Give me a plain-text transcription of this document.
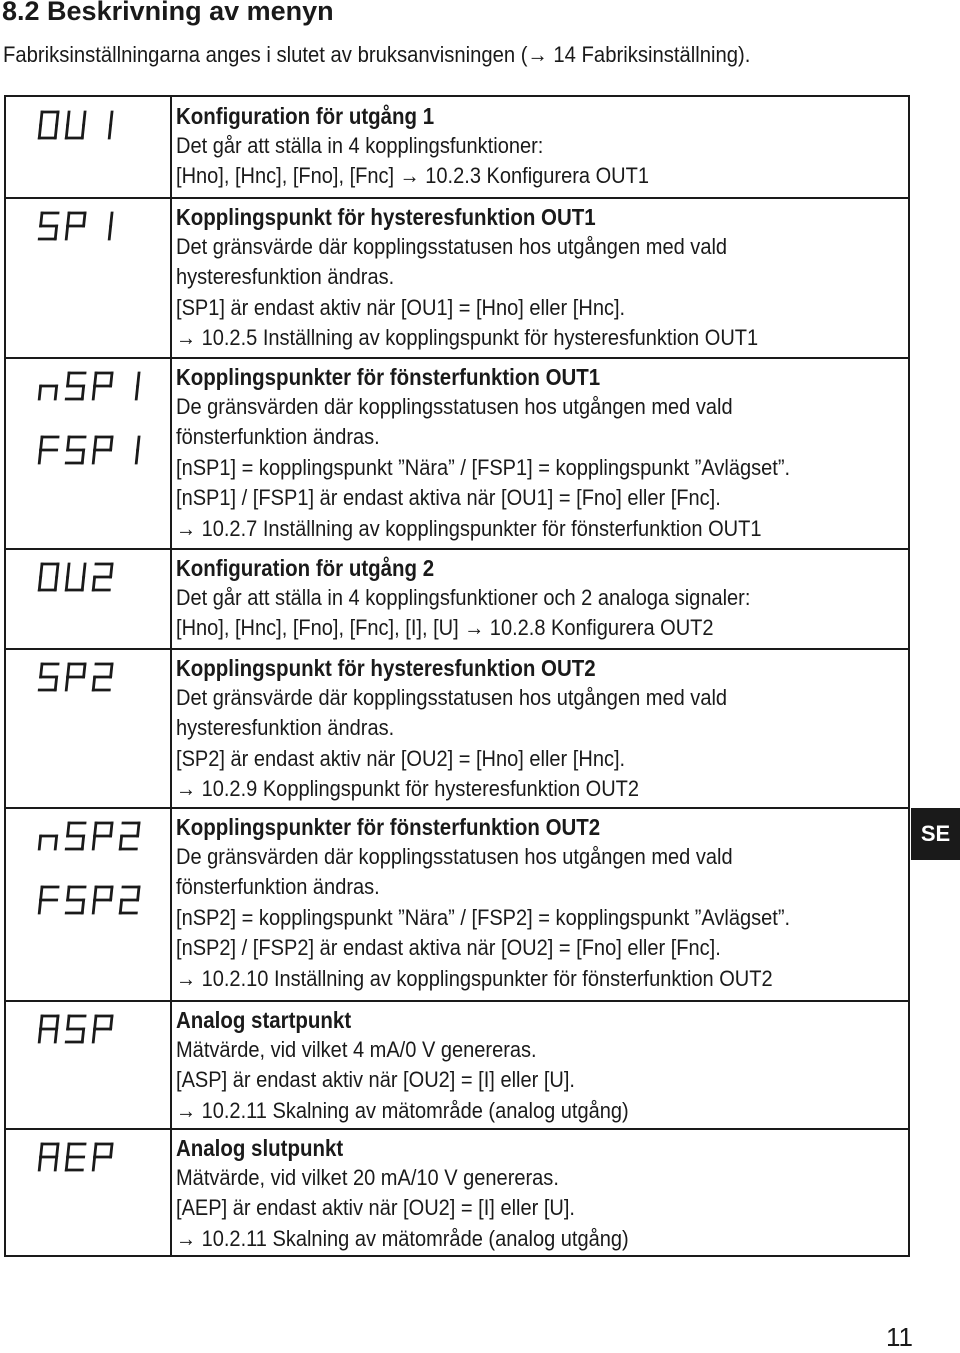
8.2 Beskrivning av menyn
Fabriksinställningarna anges i slutet av bruksanvisningen (→ 14 Fabriksinställning).
Konfiguration för utgång 1
Det går att ställa in 4 kopplingsfunktioner:
[Hno], [Hnc], [Fno], [Fnc] → 10.2.3 Konfigurera OUT1
Kopplingspunkt för hysteresfunktion OUT1
Det gränsvärde där kopplingsstatusen hos utgången med vald
hysteresfunktion ändras.
[SP1] är endast aktiv när [OU1] = [Hno] eller [Hnc].
→ 10.2.5 Inställning av kopplingspunkt för hysteresfunktion OUT1
Kopplingspunkter för fönsterfunktion OUT1
De gränsvärden där kopplingsstatusen hos utgången med vald
fönsterfunktion ändras.
[nSP1] = kopplingspunkt ”Nära” / [FSP1] = kopplingspunkt ”Avlägset”.
[nSP1] / [FSP1] är endast aktiva när [OU1] = [Fno] eller [Fnc].
→ 10.2.7 Inställning av kopplingspunkter för fönsterfunktion OUT1
Konfiguration för utgång 2
Det går att ställa in 4 kopplingsfunktioner och 2 analoga signaler:
[Hno], [Hnc], [Fno], [Fnc], [I], [U] → 10.2.8 Konfigurera OUT2
Kopplingspunkt för hysteresfunktion OUT2
Det gränsvärde där kopplingsstatusen hos utgången med vald
hysteresfunktion ändras.
[SP2] är endast aktiv när [OU2] = [Hno] eller [Hnc].
→ 10.2.9 Kopplingspunkt för hysteresfunktion OUT2
Kopplingspunkter för fönsterfunktion OUT2
De gränsvärden där kopplingsstatusen hos utgången med vald
fönsterfunktion ändras.
[nSP2] = kopplingspunkt ”Nära” / [FSP2] = kopplingspunkt ”Avlägset”.
[nSP2] / [FSP2] är endast aktiva när [OU2] = [Fno] eller [Fnc].
→ 10.2.10 Inställning av kopplingspunkter för fönsterfunktion OUT2
Analog startpunkt
Mätvärde, vid vilket 4 mA/0 V genereras.
[ASP] är endast aktiv när [OU2] = [I] eller [U].
→ 10.2.11 Skalning av mätområde (analog utgång)
Analog slutpunkt
Mätvärde, vid vilket 20 mA/10 V genereras.
[AEP] är endast aktiv när [OU2] = [I] eller [U].
→ 10.2.11 Skalning av mätområde (analog utgång)
SE
11
